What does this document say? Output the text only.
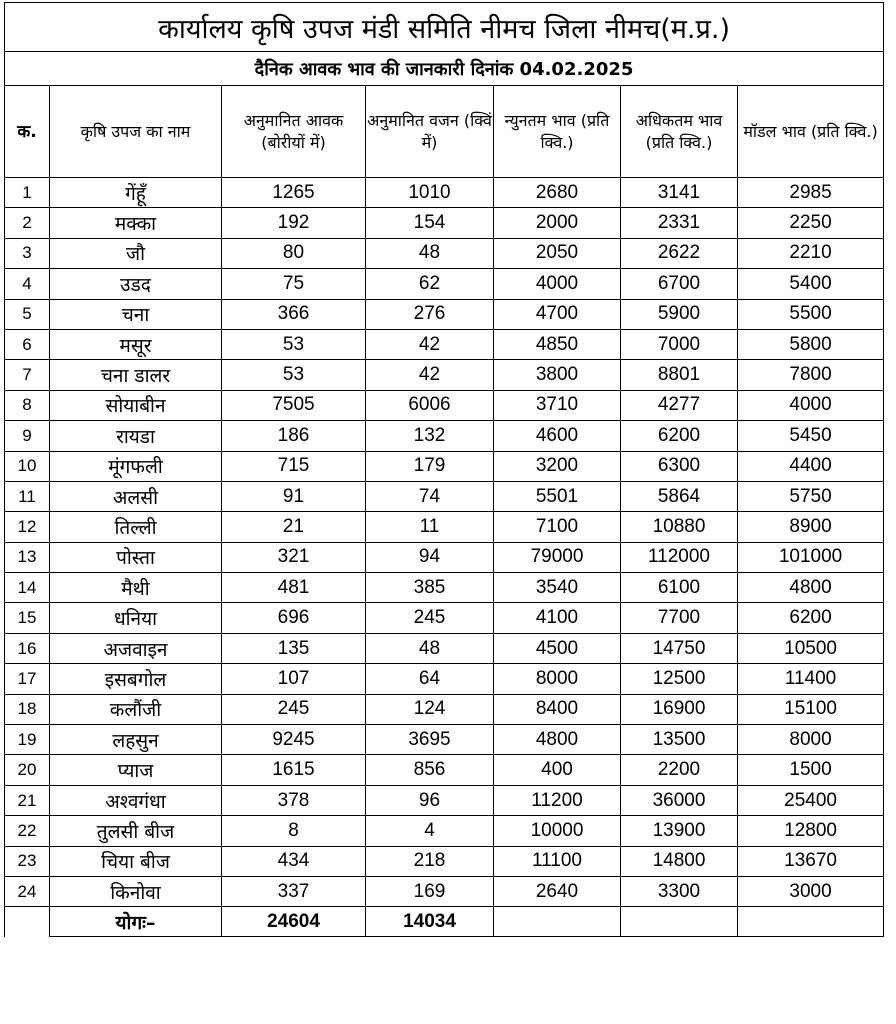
कार्यालय कृषि उपज मंडी समिति नीमच जिला नीमच(म.प्र.)						
दैनिक आवक भाव की जानकारी दिनांक 04.02.2025						
क.	कृषि उपज का नाम	अनुमानित आवक (बोरीयों में)	अनुमानित वजन (क्विं में)	न्युनतम भाव (प्रति क्वि.)	अधिकतम भाव (प्रति क्वि.)	मॉडल भाव (प्रति क्वि.)
1	गेंहूँ	1265	1010	2680	3141	2985
2	मक्का	192	154	2000	2331	2250
3	जौ	80	48	2050	2622	2210
4	उडद	75	62	4000	6700	5400
5	चना	366	276	4700	5900	5500
6	मसूर	53	42	4850	7000	5800
7	चना डालर	53	42	3800	8801	7800
8	सोयाबीन	7505	6006	3710	4277	4000
9	रायडा	186	132	4600	6200	5450
10	मूंगफली	715	179	3200	6300	4400
11	अलसी	91	74	5501	5864	5750
12	तिल्ली	21	11	7100	10880	8900
13	पोस्ता	321	94	79000	112000	101000
14	मैथी	481	385	3540	6100	4800
15	धनिया	696	245	4100	7700	6200
16	अजवाइन	135	48	4500	14750	10500
17	इसबगोल	107	64	8000	12500	11400
18	कलौंजी	245	124	8400	16900	15100
19	लहसुन	9245	3695	4800	13500	8000
20	प्याज	1615	856	400	2200	1500
21	अश्वगंधा	378	96	11200	36000	25400
22	तुलसी बीज	8	4	10000	13900	12800
23	चिया बीज	434	218	11100	14800	13670
24	किनोवा	337	169	2640	3300	3000
	योगः–	24604	14034			
